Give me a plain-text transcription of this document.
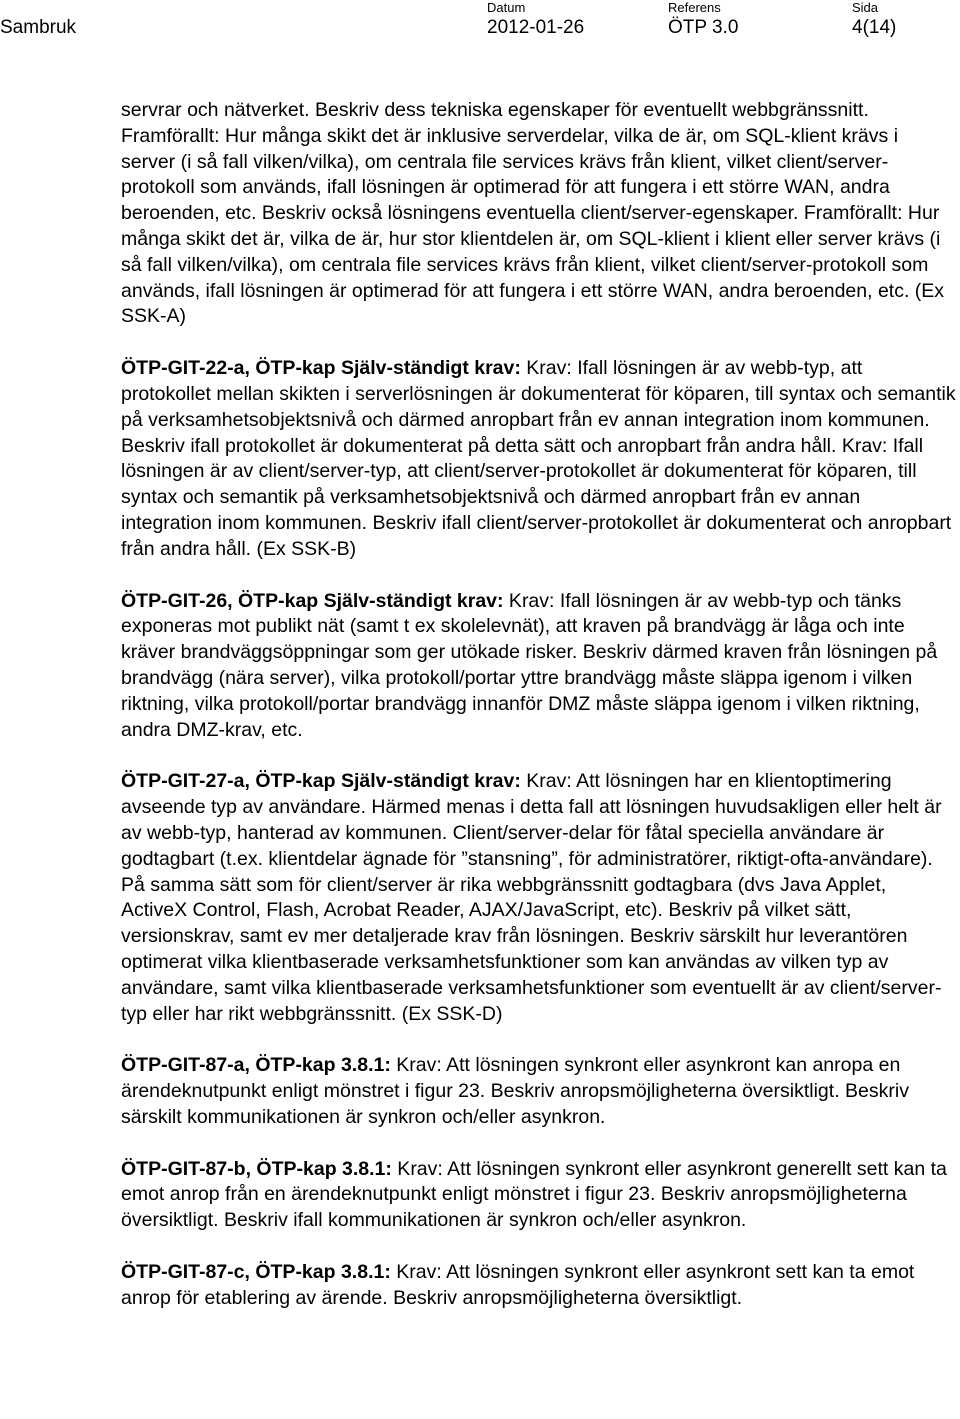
Sambruk
Datum
2012-01-26
Referens
ÖTP 3.0
Sida
4(14)

servrar och nätverket. Beskriv dess tekniska egenskaper för eventuellt webbgränssnitt. Framförallt: Hur många skikt det är inklusive serverdelar, vilka de är, om SQL-klient krävs i server (i så fall vilken/vilka), om centrala file services krävs från klient, vilket client/server-protokoll som används, ifall lösningen är optimerad för att fungera i ett större WAN, andra beroenden, etc. Beskriv också lösningens eventuella client/server-egenskaper. Framförallt: Hur många skikt det är, vilka de är, hur stor klientdelen är, om SQL-klient i klient eller server krävs (i så fall vilken/vilka), om centrala file services krävs från klient, vilket client/server-protokoll som används, ifall lösningen är optimerad för att fungera i ett större WAN, andra beroenden, etc. (Ex SSK-A)

ÖTP-GIT-22-a, ÖTP-kap Själv-ständigt krav: Krav: Ifall lösningen är av webb-typ, att protokollet mellan skikten i serverlösningen är dokumenterat för köparen, till syntax och semantik på verksamhetsobjektsnivå och därmed anropbart från ev annan integration inom kommunen. Beskriv ifall protokollet är dokumenterat på detta sätt och anropbart från andra håll. Krav: Ifall lösningen är av client/server-typ, att client/server-protokollet är dokumenterat för köparen, till syntax och semantik på verksamhetsobjektsnivå och därmed anropbart från ev annan integration inom kommunen. Beskriv ifall client/server-protokollet är dokumenterat och anropbart från andra håll. (Ex SSK-B)

ÖTP-GIT-26, ÖTP-kap Själv-ständigt krav: Krav: Ifall lösningen är av webb-typ och tänks exponeras mot publikt nät (samt t ex skolelevnät), att kraven på brandvägg är låga och inte kräver brandväggsöppningar som ger utökade risker. Beskriv därmed kraven från lösningen på brandvägg (nära server), vilka protokoll/portar yttre brandvägg måste släppa igenom i vilken riktning, vilka protokoll/portar brandvägg innanför DMZ måste släppa igenom i vilken riktning, andra DMZ-krav, etc.

ÖTP-GIT-27-a, ÖTP-kap Själv-ständigt krav: Krav: Att lösningen har en klientoptimering avseende typ av användare. Härmed menas i detta fall att lösningen huvudsakligen eller helt är av webb-typ, hanterad av kommunen. Client/server-delar för fåtal speciella användare är godtagbart (t.ex. klientdelar ägnade för ”stansning”, för administratörer, riktigt-ofta-användare). På samma sätt som för client/server är rika webbgränssnitt godtagbara (dvs Java Applet, ActiveX Control, Flash, Acrobat Reader, AJAX/JavaScript, etc). Beskriv på vilket sätt, versionskrav, samt ev mer detaljerade krav från lösningen. Beskriv särskilt hur leverantören optimerat vilka klientbaserade verksamhetsfunktioner som kan användas av vilken typ av användare, samt vilka klientbaserade verksamhetsfunktioner som eventuellt är av client/server-typ eller har rikt webbgränssnitt. (Ex SSK-D)

ÖTP-GIT-87-a, ÖTP-kap 3.8.1: Krav: Att lösningen synkront eller asynkront kan anropa en ärendeknutpunkt enligt mönstret i figur 23. Beskriv anropsmöjligheterna översiktligt. Beskriv särskilt kommunikationen är synkron och/eller asynkron.

ÖTP-GIT-87-b, ÖTP-kap 3.8.1: Krav: Att lösningen synkront eller asynkront generellt sett kan ta emot anrop från en ärendeknutpunkt enligt mönstret i figur 23. Beskriv anropsmöjligheterna översiktligt. Beskriv ifall kommunikationen är synkron och/eller asynkron.

ÖTP-GIT-87-c, ÖTP-kap 3.8.1: Krav: Att lösningen synkront eller asynkront sett kan ta emot anrop för etablering av ärende. Beskriv anropsmöjligheterna översiktligt.
